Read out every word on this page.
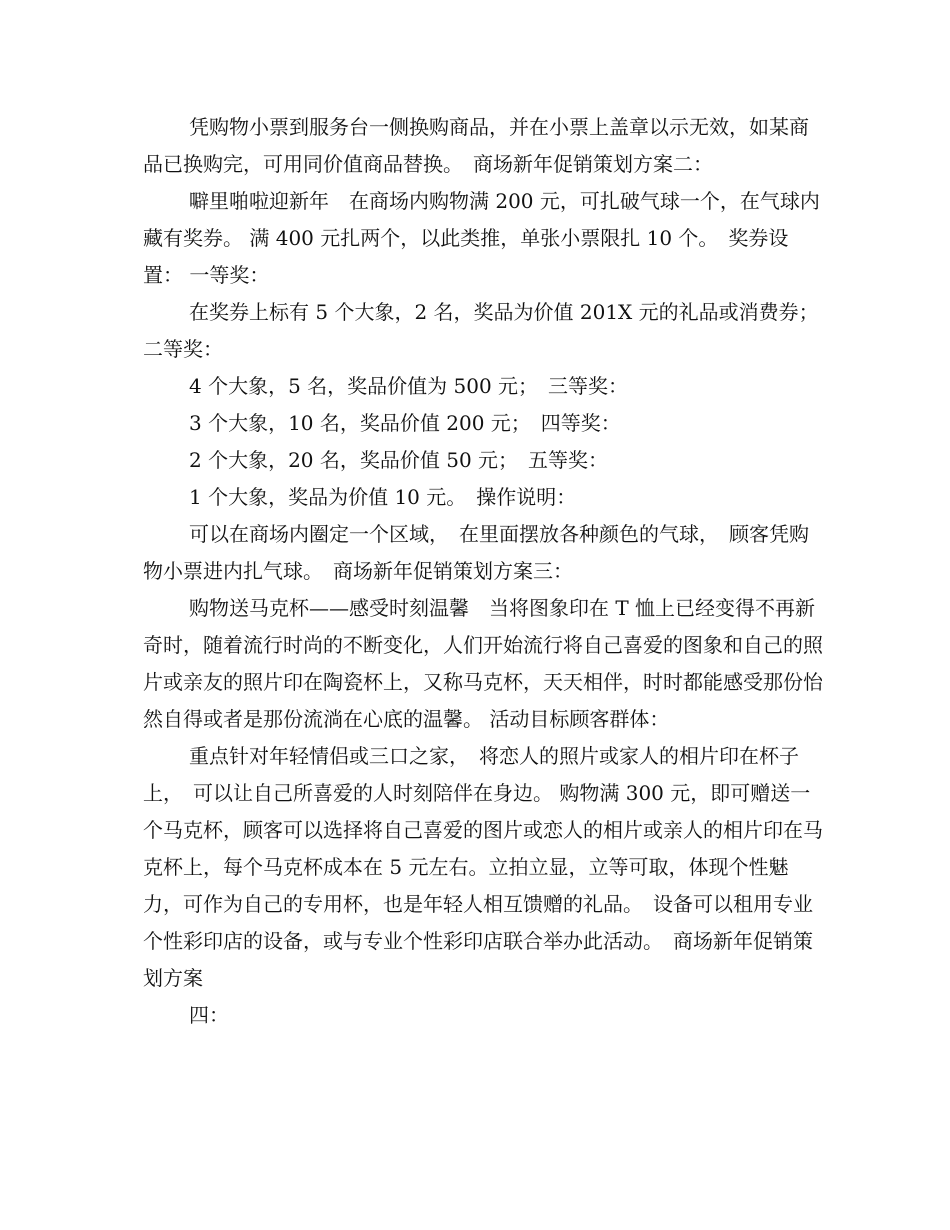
凭购物小票到服务台一侧换购商品，并在小票上盖章以示无效，如某商品已换购完，可用同价值商品替换。　商场新年促销策划方案二：

噼里啪啦迎新年　在商场内购物满 200 元，可扎破气球一个，在气球内藏有奖券。 满 400 元扎两个，以此类推，单张小票限扎 10 个。　奖券设置： 一等奖：

在奖券上标有 5 个大象，2 名，奖品为价值 201X 元的礼品或消费券；二等奖：

4 个大象，5 名，奖品价值为 500 元；　三等奖：

3 个大象，10 名，奖品价值 200 元；　四等奖：

2 个大象，20 名，奖品价值 50 元；　五等奖：

1 个大象，奖品为价值 10 元。　操作说明：

可以在商场内圈定一个区域，　在里面摆放各种颜色的气球，　顾客凭购物小票进内扎气球。　商场新年促销策划方案三：

购物送马克杯——感受时刻温馨　当将图象印在 T 恤上已经变得不再新奇时，随着流行时尚的不断变化，人们开始流行将自己喜爱的图象和自己的照片或亲友的照片印在陶瓷杯上，又称马克杯，天天相伴，时时都能感受那份怡然自得或者是那份流淌在心底的温馨。 活动目标顾客群体：

重点针对年轻情侣或三口之家，　将恋人的照片或家人的相片印在杯子上，　可以让自己所喜爱的人时刻陪伴在身边。 购物满 300 元，即可赠送一个马克杯，顾客可以选择将自己喜爱的图片或恋人的相片或亲人的相片印在马克杯上，每个马克杯成本在 5 元左右。立拍立显，立等可取，体现个性魅力，可作为自己的专用杯，也是年轻人相互馈赠的礼品。　设备可以租用专业个性彩印店的设备，或与专业个性彩印店联合举办此活动。　商场新年促销策划方案

四：
